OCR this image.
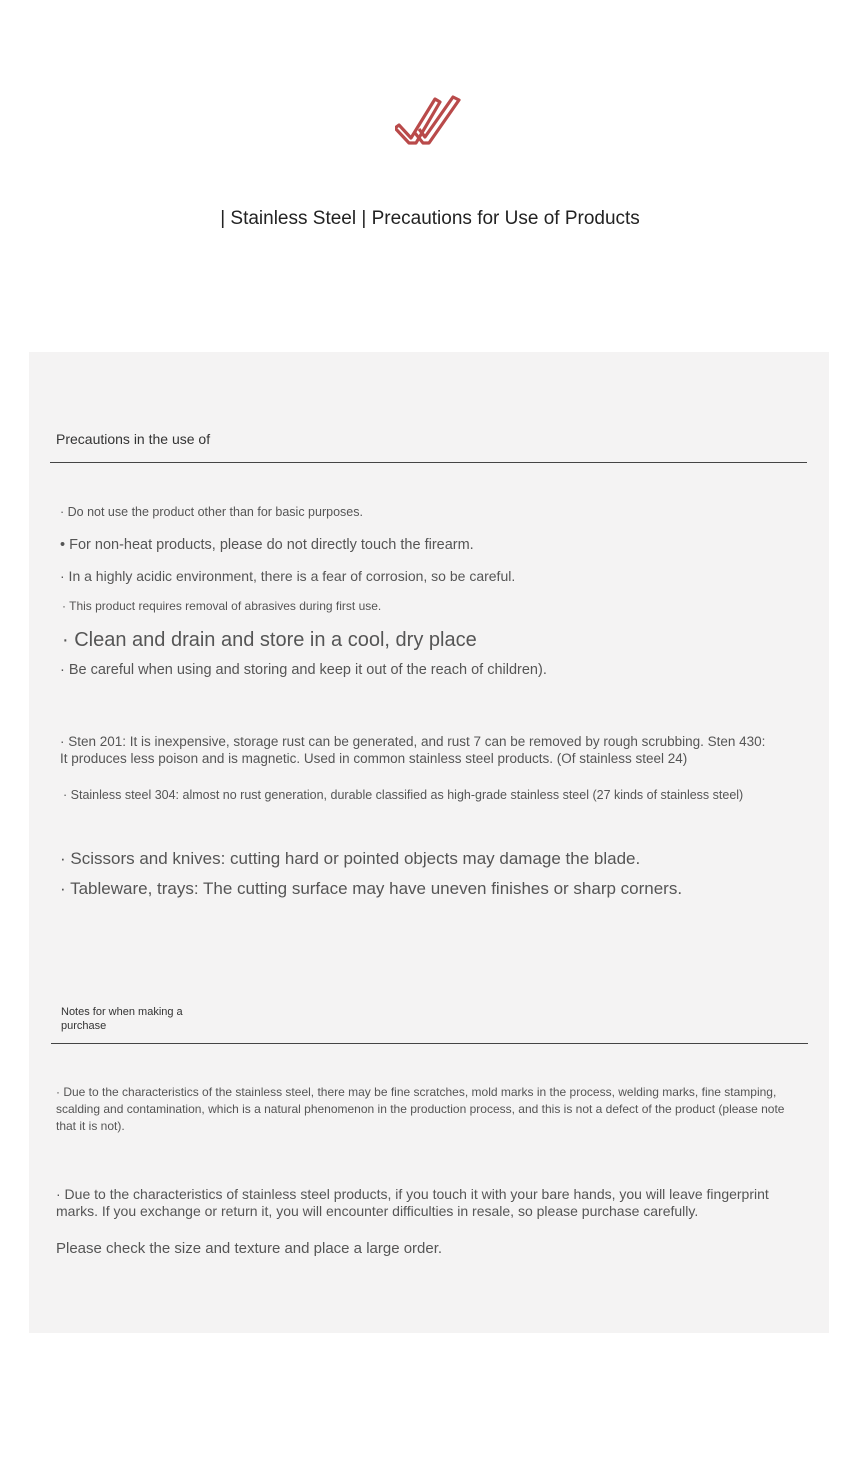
| Stainless Steel | Precautions for Use of Products
Precautions in the use of
· Do not use the product other than for basic purposes.
• For non-heat products, please do not directly touch the firearm.
· In a highly acidic environment, there is a fear of corrosion, so be careful.
· This product requires removal of abrasives during first use.
· Clean and drain and store in a cool, dry place
· Be careful when using and storing and keep it out of the reach of children).
· Sten 201: It is inexpensive, storage rust can be generated, and rust 7 can be removed by rough scrubbing. Sten 430: It produces less poison and is magnetic. Used in common stainless steel products. (Of stainless steel 24)
· Stainless steel 304: almost no rust generation, durable classified as high-grade stainless steel (27 kinds of stainless steel)
· Scissors and knives: cutting hard or pointed objects may damage the blade.
· Tableware, trays: The cutting surface may have uneven finishes or sharp corners.
Notes for when making a purchase
· Due to the characteristics of the stainless steel, there may be fine scratches, mold marks in the process, welding marks, fine stamping, scalding and contamination, which is a natural phenomenon in the production process, and this is not a defect of the product (please note that it is not).
· Due to the characteristics of stainless steel products, if you touch it with your bare hands, you will leave fingerprint marks. If you exchange or return it, you will encounter difficulties in resale, so please purchase carefully.
Please check the size and texture and place a large order.
